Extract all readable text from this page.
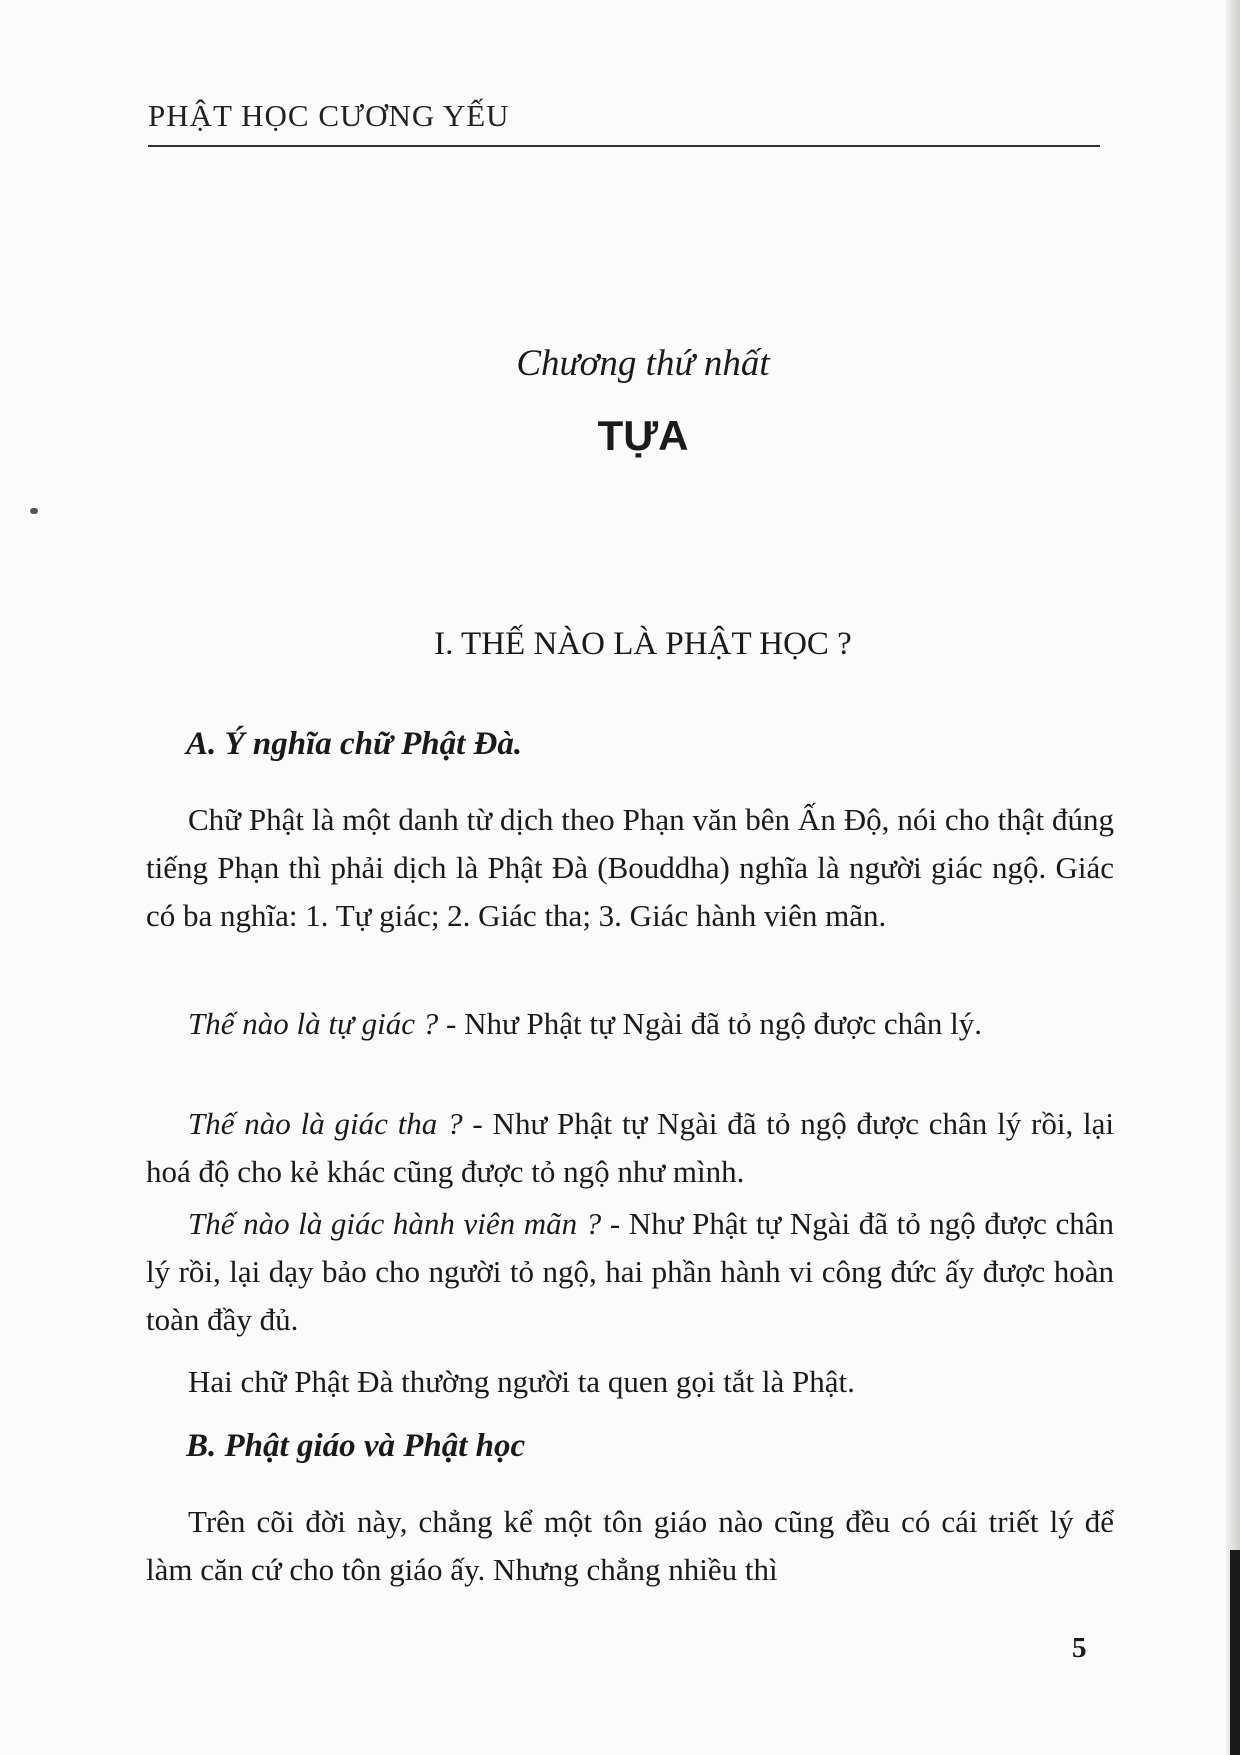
PHẬT HỌC CƯƠNG YẾU
Chương thứ nhất
TỰA
I. THẾ NÀO LÀ PHẬT HỌC ?
A. Ý nghĩa chữ Phật Đà.

Chữ Phật là một danh từ dịch theo Phạn văn bên Ấn Độ, nói cho thật đúng tiếng Phạn thì phải dịch là Phật Đà (Bouddha) nghĩa là người giác ngộ. Giác có ba nghĩa: 1. Tự giác; 2. Giác tha; 3. Giác hành viên mãn.

Thế nào là tự giác ? - Như Phật tự Ngài đã tỏ ngộ được chân lý.

Thế nào là giác tha ? - Như Phật tự Ngài đã tỏ ngộ được chân lý rồi, lại hoá độ cho kẻ khác cũng được tỏ ngộ như mình.

Thế nào là giác hành viên mãn ? - Như Phật tự Ngài đã tỏ ngộ được chân lý rồi, lại dạy bảo cho người tỏ ngộ, hai phần hành vi công đức ấy được hoàn toàn đầy đủ.

Hai chữ Phật Đà thường người ta quen gọi tắt là Phật.

B. Phật giáo và Phật học

Trên cõi đời này, chẳng kể một tôn giáo nào cũng đều có cái triết lý để làm căn cứ cho tôn giáo ấy. Nhưng chẳng nhiều thì

5
